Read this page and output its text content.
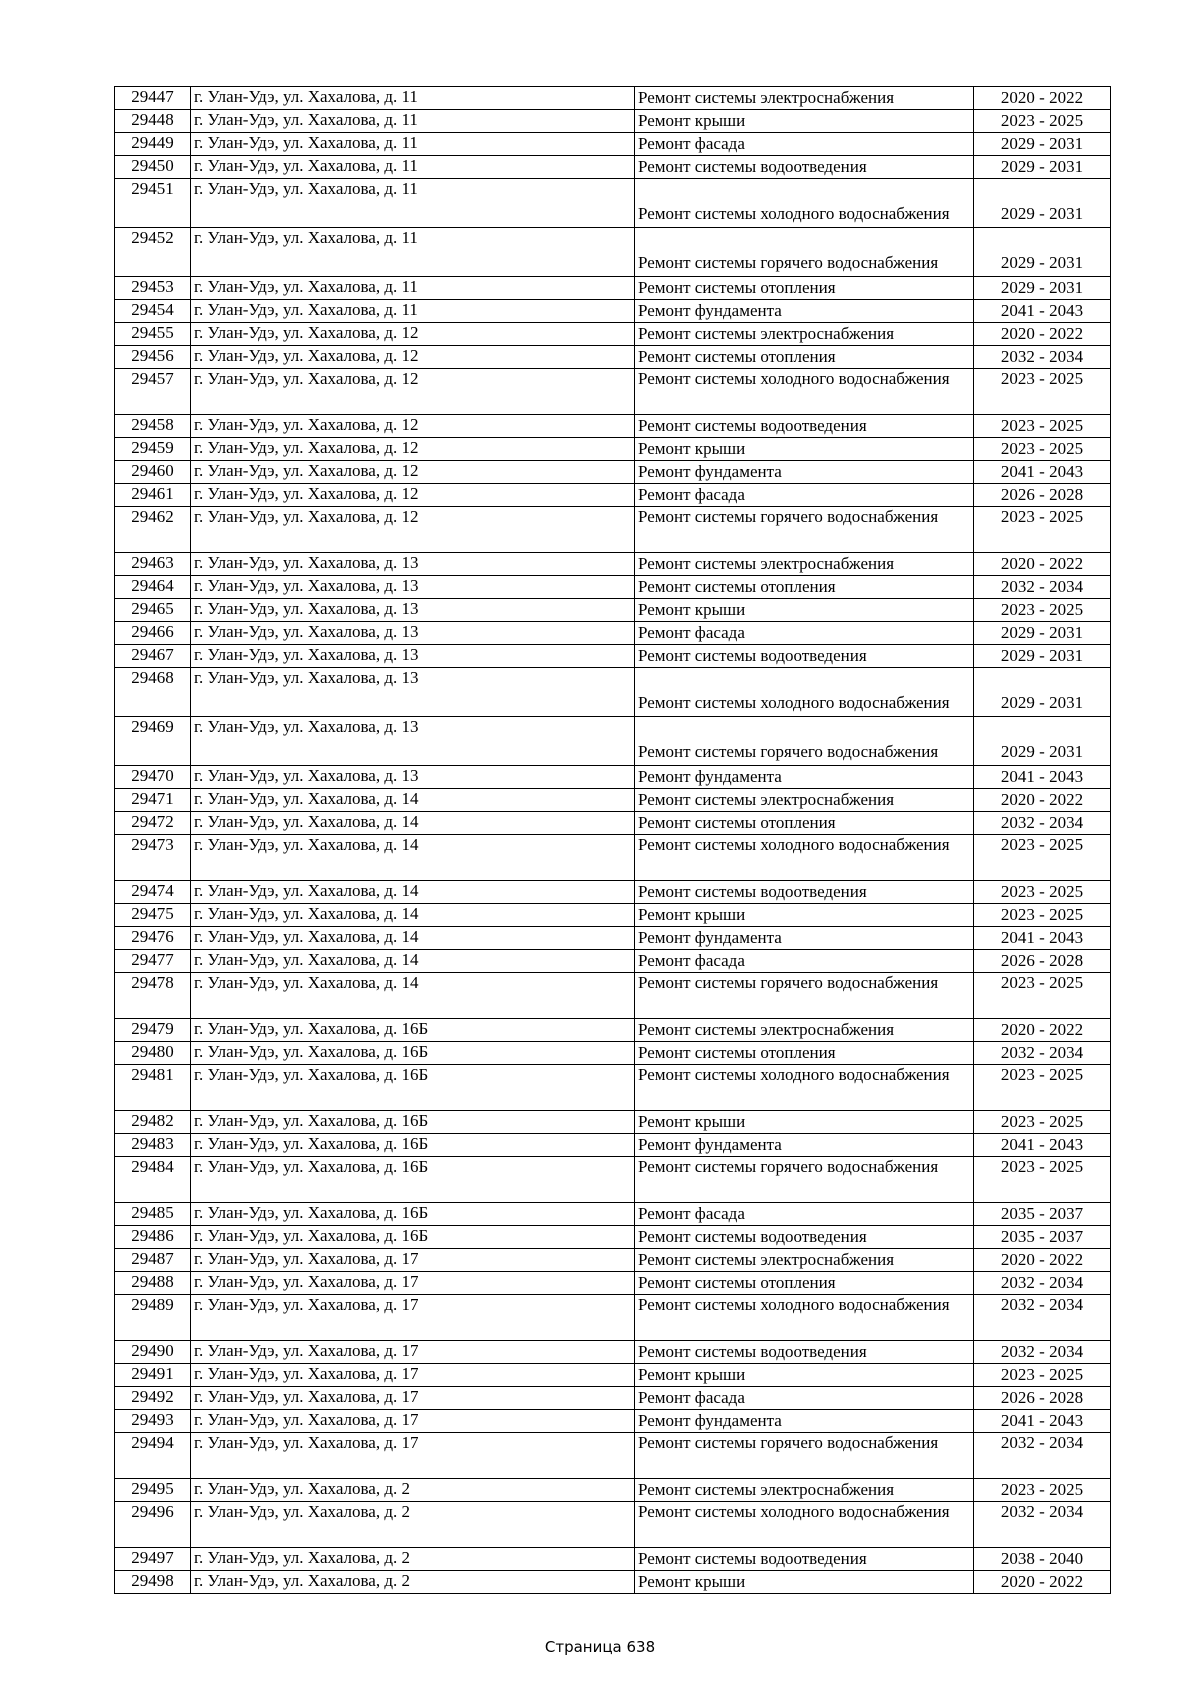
29447	г. Улан-Удэ, ул. Хахалова, д. 11	Ремонт системы электроснабжения	2020 - 2022
29448	г. Улан-Удэ, ул. Хахалова, д. 11	Ремонт крыши	2023 - 2025
29449	г. Улан-Удэ, ул. Хахалова, д. 11	Ремонт фасада	2029 - 2031
29450	г. Улан-Удэ, ул. Хахалова, д. 11	Ремонт системы водоотведения	2029 - 2031
29451	г. Улан-Удэ, ул. Хахалова, д. 11	Ремонт системы холодного водоснабжения	2029 - 2031
29452	г. Улан-Удэ, ул. Хахалова, д. 11	Ремонт системы горячего водоснабжения	2029 - 2031
29453	г. Улан-Удэ, ул. Хахалова, д. 11	Ремонт системы отопления	2029 - 2031
29454	г. Улан-Удэ, ул. Хахалова, д. 11	Ремонт фундамента	2041 - 2043
29455	г. Улан-Удэ, ул. Хахалова, д. 12	Ремонт системы электроснабжения	2020 - 2022
29456	г. Улан-Удэ, ул. Хахалова, д. 12	Ремонт системы отопления	2032 - 2034
29457	г. Улан-Удэ, ул. Хахалова, д. 12	Ремонт системы холодного водоснабжения	2023 - 2025
29458	г. Улан-Удэ, ул. Хахалова, д. 12	Ремонт системы водоотведения	2023 - 2025
29459	г. Улан-Удэ, ул. Хахалова, д. 12	Ремонт крыши	2023 - 2025
29460	г. Улан-Удэ, ул. Хахалова, д. 12	Ремонт фундамента	2041 - 2043
29461	г. Улан-Удэ, ул. Хахалова, д. 12	Ремонт фасада	2026 - 2028
29462	г. Улан-Удэ, ул. Хахалова, д. 12	Ремонт системы горячего водоснабжения	2023 - 2025
29463	г. Улан-Удэ, ул. Хахалова, д. 13	Ремонт системы электроснабжения	2020 - 2022
29464	г. Улан-Удэ, ул. Хахалова, д. 13	Ремонт системы отопления	2032 - 2034
29465	г. Улан-Удэ, ул. Хахалова, д. 13	Ремонт крыши	2023 - 2025
29466	г. Улан-Удэ, ул. Хахалова, д. 13	Ремонт фасада	2029 - 2031
29467	г. Улан-Удэ, ул. Хахалова, д. 13	Ремонт системы водоотведения	2029 - 2031
29468	г. Улан-Удэ, ул. Хахалова, д. 13	Ремонт системы холодного водоснабжения	2029 - 2031
29469	г. Улан-Удэ, ул. Хахалова, д. 13	Ремонт системы горячего водоснабжения	2029 - 2031
29470	г. Улан-Удэ, ул. Хахалова, д. 13	Ремонт фундамента	2041 - 2043
29471	г. Улан-Удэ, ул. Хахалова, д. 14	Ремонт системы электроснабжения	2020 - 2022
29472	г. Улан-Удэ, ул. Хахалова, д. 14	Ремонт системы отопления	2032 - 2034
29473	г. Улан-Удэ, ул. Хахалова, д. 14	Ремонт системы холодного водоснабжения	2023 - 2025
29474	г. Улан-Удэ, ул. Хахалова, д. 14	Ремонт системы водоотведения	2023 - 2025
29475	г. Улан-Удэ, ул. Хахалова, д. 14	Ремонт крыши	2023 - 2025
29476	г. Улан-Удэ, ул. Хахалова, д. 14	Ремонт фундамента	2041 - 2043
29477	г. Улан-Удэ, ул. Хахалова, д. 14	Ремонт фасада	2026 - 2028
29478	г. Улан-Удэ, ул. Хахалова, д. 14	Ремонт системы горячего водоснабжения	2023 - 2025
29479	г. Улан-Удэ, ул. Хахалова, д. 16Б	Ремонт системы электроснабжения	2020 - 2022
29480	г. Улан-Удэ, ул. Хахалова, д. 16Б	Ремонт системы отопления	2032 - 2034
29481	г. Улан-Удэ, ул. Хахалова, д. 16Б	Ремонт системы холодного водоснабжения	2023 - 2025
29482	г. Улан-Удэ, ул. Хахалова, д. 16Б	Ремонт крыши	2023 - 2025
29483	г. Улан-Удэ, ул. Хахалова, д. 16Б	Ремонт фундамента	2041 - 2043
29484	г. Улан-Удэ, ул. Хахалова, д. 16Б	Ремонт системы горячего водоснабжения	2023 - 2025
29485	г. Улан-Удэ, ул. Хахалова, д. 16Б	Ремонт фасада	2035 - 2037
29486	г. Улан-Удэ, ул. Хахалова, д. 16Б	Ремонт системы водоотведения	2035 - 2037
29487	г. Улан-Удэ, ул. Хахалова, д. 17	Ремонт системы электроснабжения	2020 - 2022
29488	г. Улан-Удэ, ул. Хахалова, д. 17	Ремонт системы отопления	2032 - 2034
29489	г. Улан-Удэ, ул. Хахалова, д. 17	Ремонт системы холодного водоснабжения	2032 - 2034
29490	г. Улан-Удэ, ул. Хахалова, д. 17	Ремонт системы водоотведения	2032 - 2034
29491	г. Улан-Удэ, ул. Хахалова, д. 17	Ремонт крыши	2023 - 2025
29492	г. Улан-Удэ, ул. Хахалова, д. 17	Ремонт фасада	2026 - 2028
29493	г. Улан-Удэ, ул. Хахалова, д. 17	Ремонт фундамента	2041 - 2043
29494	г. Улан-Удэ, ул. Хахалова, д. 17	Ремонт системы горячего водоснабжения	2032 - 2034
29495	г. Улан-Удэ, ул. Хахалова, д. 2	Ремонт системы электроснабжения	2023 - 2025
29496	г. Улан-Удэ, ул. Хахалова, д. 2	Ремонт системы холодного водоснабжения	2032 - 2034
29497	г. Улан-Удэ, ул. Хахалова, д. 2	Ремонт системы водоотведения	2038 - 2040
29498	г. Улан-Удэ, ул. Хахалова, д. 2	Ремонт крыши	2020 - 2022
Страница 638
